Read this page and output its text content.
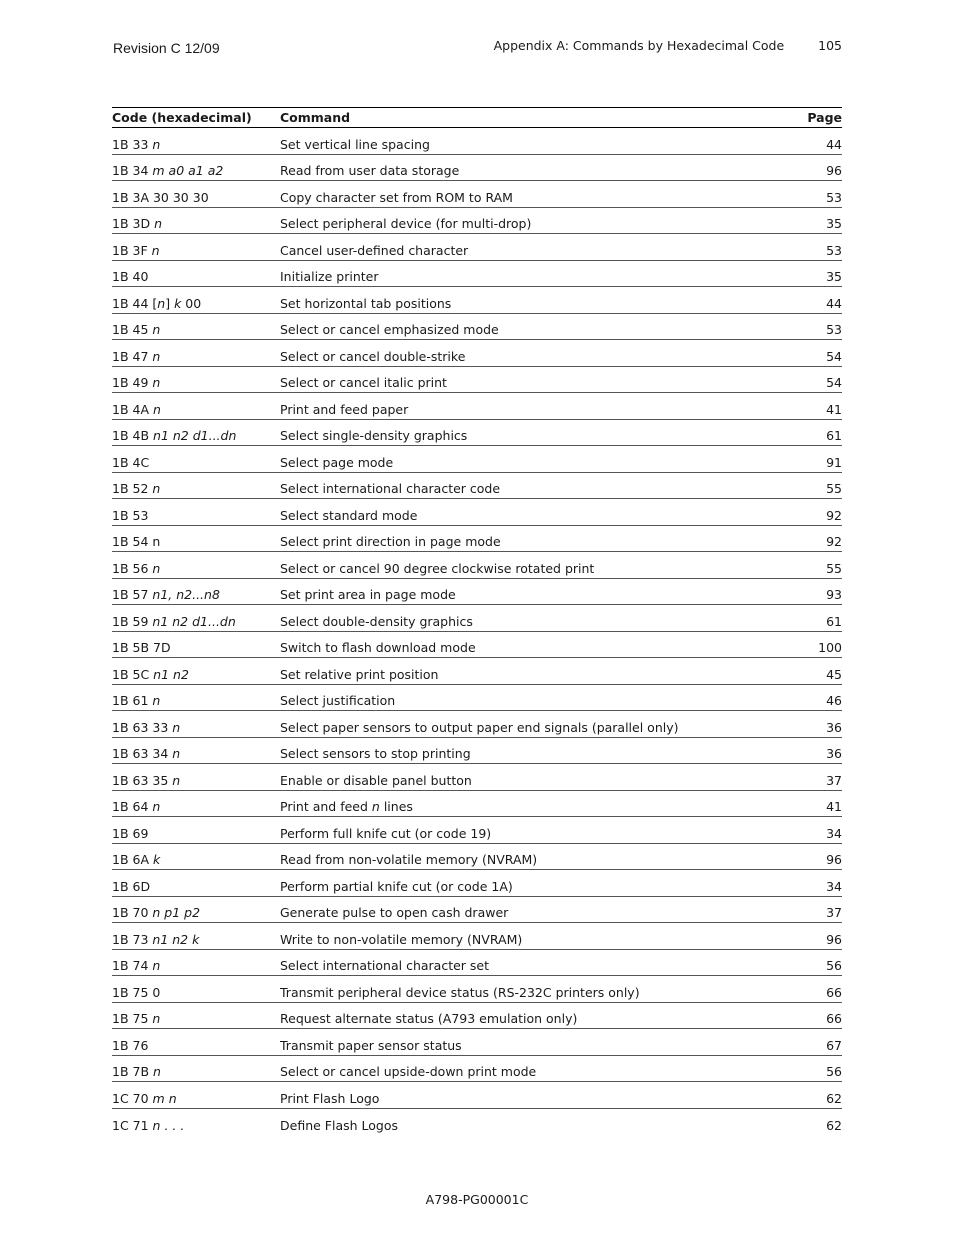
Revision C 12/09	Appendix A: Commands by Hexadecimal Code	105
Code (hexadecimal)	Command	Page
1B 33 n	Set vertical line spacing	44
1B 34 m a0 a1 a2	Read from user data storage	96
1B 3A 30 30 30	Copy character set from ROM to RAM	53
1B 3D n	Select peripheral device (for multi-drop)	35
1B 3F n	Cancel user-defined character	53
1B 40	Initialize printer	35
1B 44 [n] k 00	Set horizontal tab positions	44
1B 45 n	Select or cancel emphasized mode	53
1B 47 n	Select or cancel double-strike	54
1B 49 n	Select or cancel italic print	54
1B 4A n	Print and feed paper	41
1B 4B n1 n2 d1...dn	Select single-density graphics	61
1B 4C	Select page mode	91
1B 52 n	Select international character code	55
1B 53	Select standard mode	92
1B 54 n	Select print direction in page mode	92
1B 56 n	Select or cancel 90 degree clockwise rotated print	55
1B 57 n1, n2...n8	Set print area in page mode	93
1B 59 n1 n2 d1...dn	Select double-density graphics	61
1B 5B 7D	Switch to flash download mode	100
1B 5C n1 n2	Set relative print position	45
1B 61 n	Select justification	46
1B 63 33 n	Select paper sensors to output paper end signals (parallel only)	36
1B 63 34 n	Select sensors to stop printing	36
1B 63 35 n	Enable or disable panel button	37
1B 64 n	Print and feed n lines	41
1B 69	Perform full knife cut (or code 19)	34
1B 6A k	Read from non-volatile memory (NVRAM)	96
1B 6D	Perform partial knife cut (or code 1A)	34
1B 70 n p1 p2	Generate pulse to open cash drawer	37
1B 73 n1 n2 k	Write to non-volatile memory (NVRAM)	96
1B 74 n	Select international character set	56
1B 75 0	Transmit peripheral device status (RS-232C printers only)	66
1B 75 n	Request alternate status (A793 emulation only)	66
1B 76	Transmit paper sensor status	67
1B 7B n	Select or cancel upside-down print mode	56
1C 70 m n	Print Flash Logo	62
1C 71 n . . .	Define Flash Logos	62
A798-PG00001C
